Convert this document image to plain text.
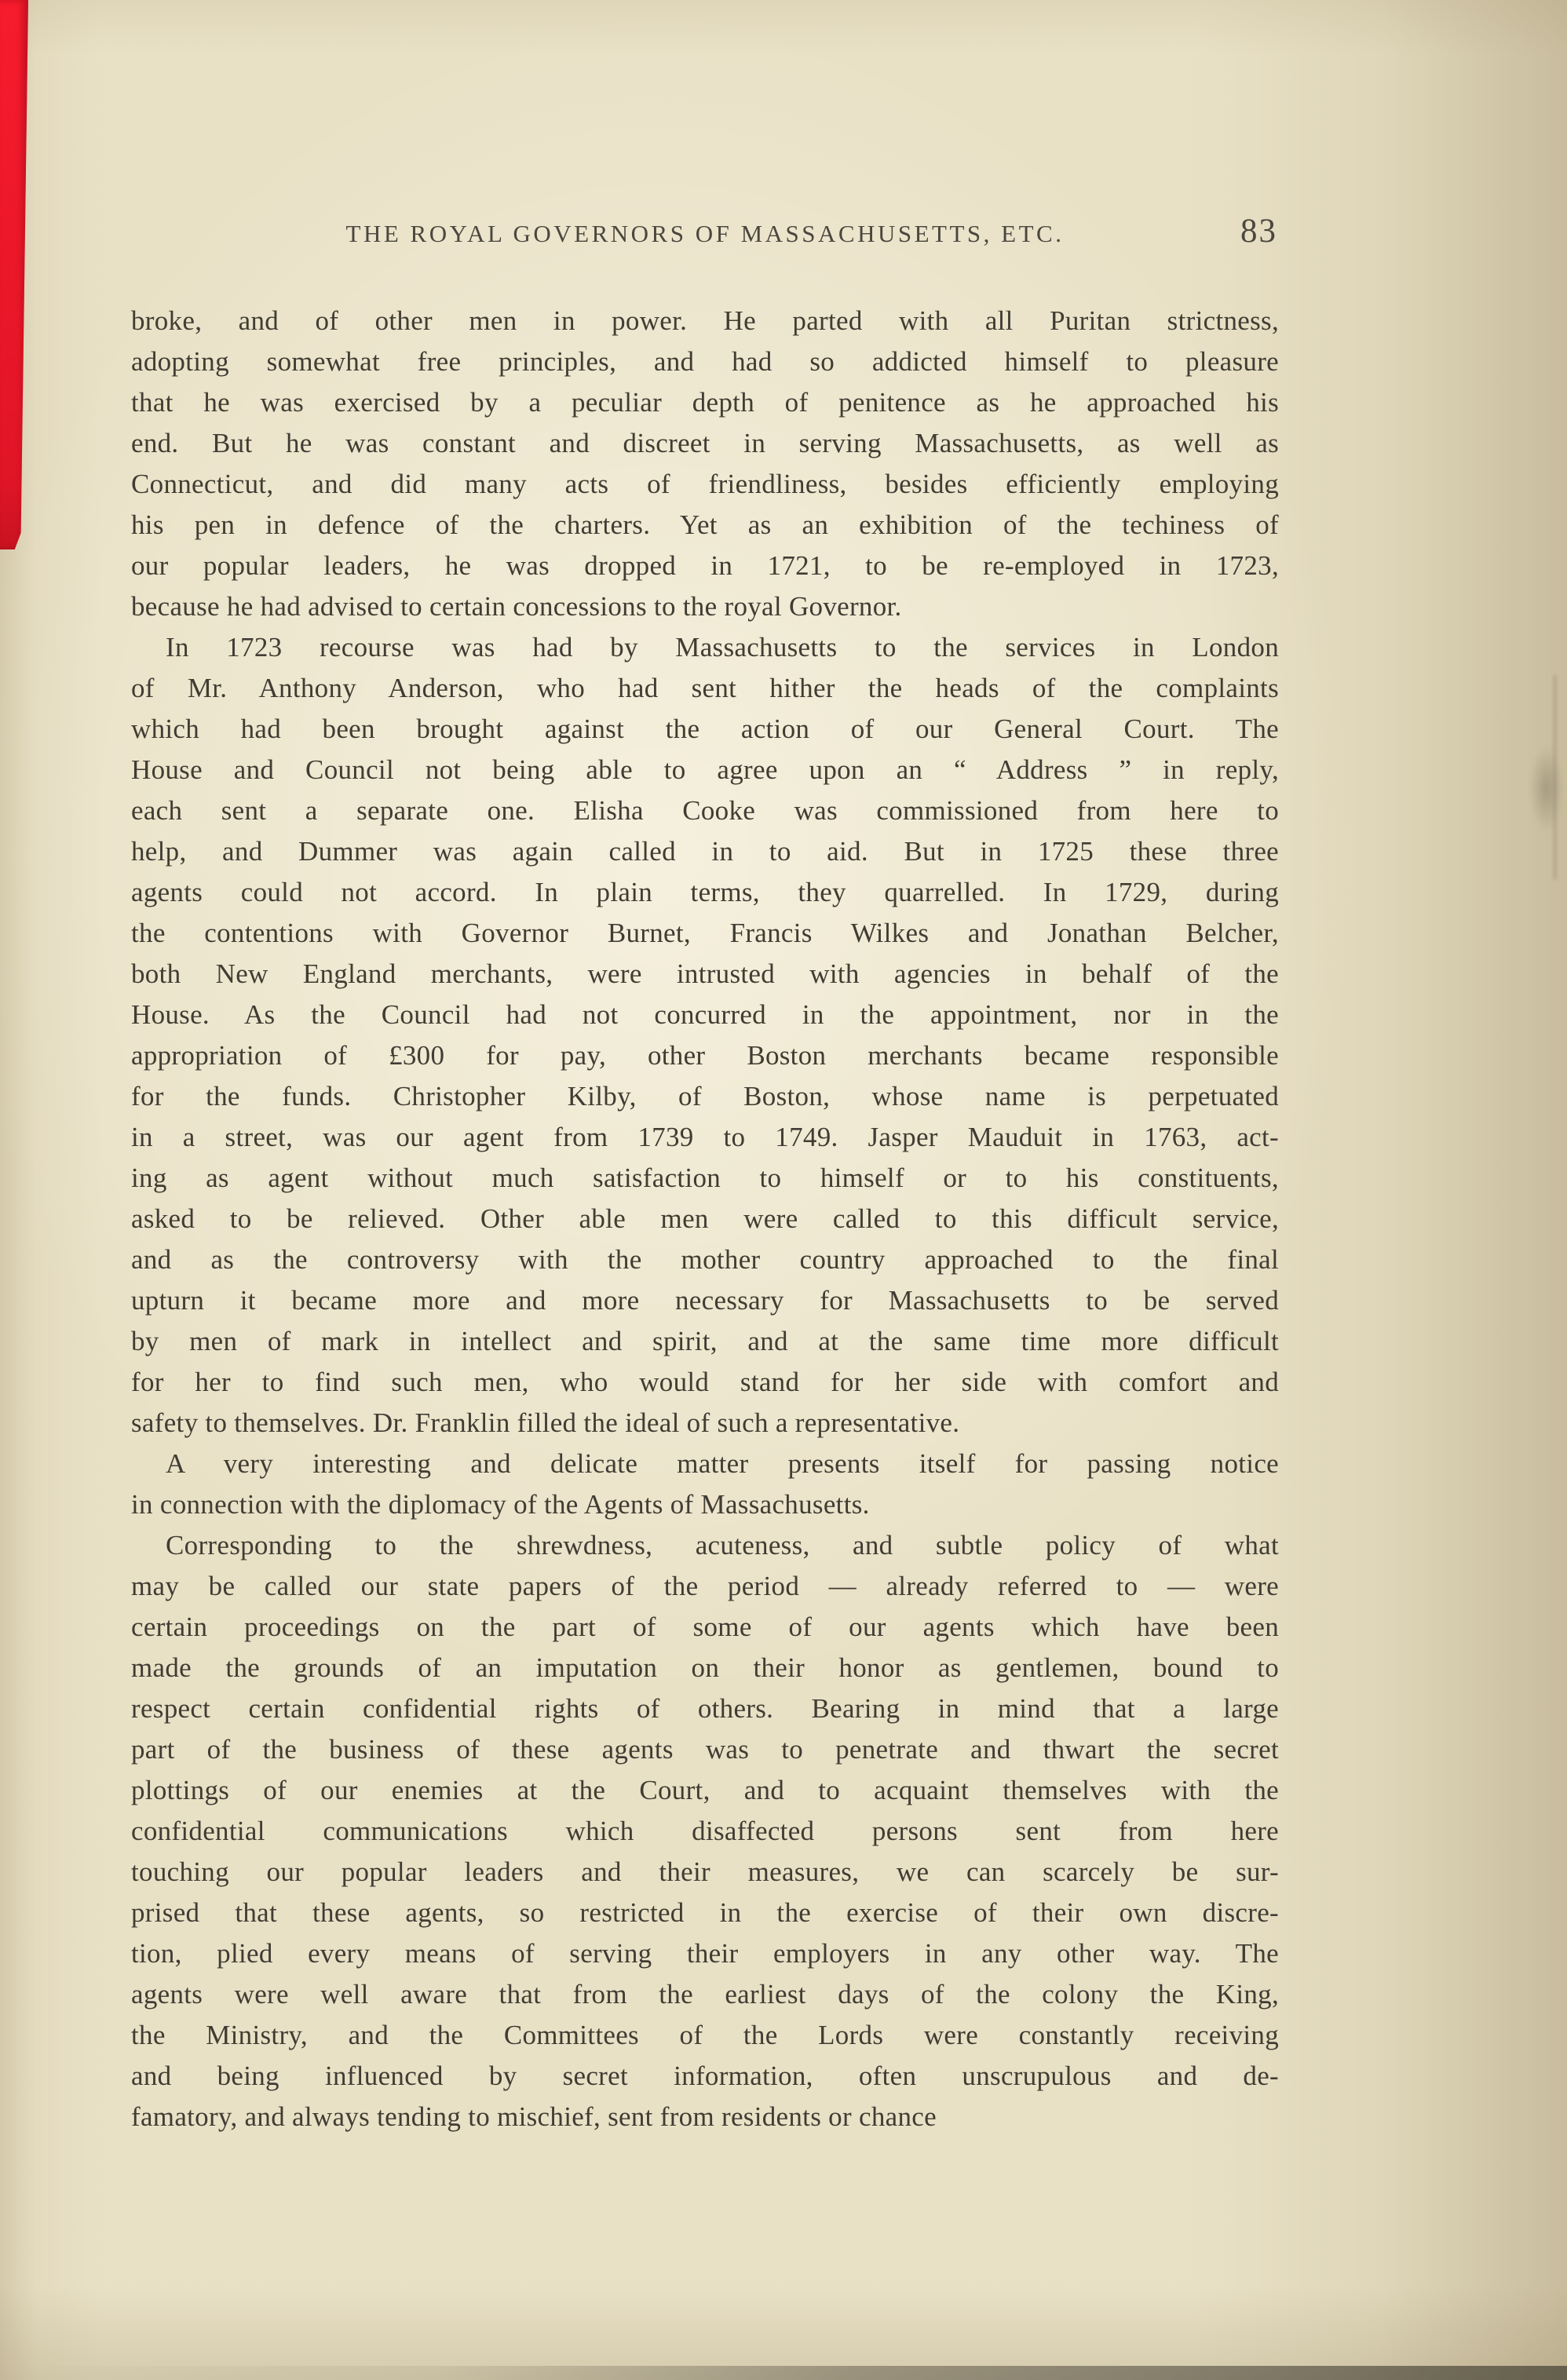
THE ROYAL GOVERNORS OF MASSACHUSETTS, ETC.	83
broke, and of other men in power. He parted with all Puritan strictness,
adopting somewhat free principles, and had so addicted himself to pleasure
that he was exercised by a peculiar depth of penitence as he approached his
end. But he was constant and discreet in serving Massachusetts, as well as
Connecticut, and did many acts of friendliness, besides efficiently employing
his pen in defence of the charters. Yet as an exhibition of the techiness of
our popular leaders, he was dropped in 1721, to be re-employed in 1723,
because he had advised to certain concessions to the royal Governor.
In 1723 recourse was had by Massachusetts to the services in London
of Mr. Anthony Anderson, who had sent hither the heads of the complaints
which had been brought against the action of our General Court. The
House and Council not being able to agree upon an “ Address ” in reply,
each sent a separate one. Elisha Cooke was commissioned from here to
help, and Dummer was again called in to aid. But in 1725 these three
agents could not accord. In plain terms, they quarrelled. In 1729, during
the contentions with Governor Burnet, Francis Wilkes and Jonathan Belcher,
both New England merchants, were intrusted with agencies in behalf of the
House. As the Council had not concurred in the appointment, nor in the
appropriation of £300 for pay, other Boston merchants became responsible
for the funds. Christopher Kilby, of Boston, whose name is perpetuated
in a street, was our agent from 1739 to 1749. Jasper Mauduit in 1763, act-
ing as agent without much satisfaction to himself or to his constituents,
asked to be relieved. Other able men were called to this difficult service,
and as the controversy with the mother country approached to the final
upturn it became more and more necessary for Massachusetts to be served
by men of mark in intellect and spirit, and at the same time more difficult
for her to find such men, who would stand for her side with comfort and
safety to themselves. Dr. Franklin filled the ideal of such a representative.
A very interesting and delicate matter presents itself for passing notice
in connection with the diplomacy of the Agents of Massachusetts.
Corresponding to the shrewdness, acuteness, and subtle policy of what
may be called our state papers of the period — already referred to — were
certain proceedings on the part of some of our agents which have been
made the grounds of an imputation on their honor as gentlemen, bound to
respect certain confidential rights of others. Bearing in mind that a large
part of the business of these agents was to penetrate and thwart the secret
plottings of our enemies at the Court, and to acquaint themselves with the
confidential communications which disaffected persons sent from here
touching our popular leaders and their measures, we can scarcely be sur-
prised that these agents, so restricted in the exercise of their own discre-
tion, plied every means of serving their employers in any other way. The
agents were well aware that from the earliest days of the colony the King,
the Ministry, and the Committees of the Lords were constantly receiving
and being influenced by secret information, often unscrupulous and de-
famatory, and always tending to mischief, sent from residents or chance
